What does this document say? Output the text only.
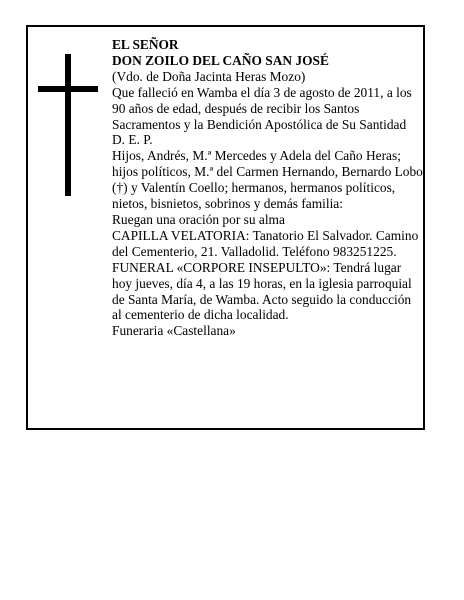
EL SEÑOR

DON ZOILO DEL CAÑO SAN JOSÉ

(Vdo. de Doña Jacinta Heras Mozo)

Que falleció en Wamba el día 3 de agosto de 2011, a los 90 años de edad, después de recibir los Santos Sacramentos y la Bendición Apostólica de Su Santidad

D. E. P.

Hijos, Andrés, M.ª Mercedes y Adela del Caño Heras; hijos políticos, M.ª del Carmen Hernando, Bernardo Lobo (†) y Valentín Coello; hermanos, hermanos políticos, nietos, bisnietos, sobrinos y demás familia:

Ruegan una oración por su alma

CAPILLA VELATORIA: Tanatorio El Salvador. Camino del Cementerio, 21. Valladolid. Teléfono 983251225.

FUNERAL «CORPORE INSEPULTO»: Tendrá lugar hoy jueves, día 4, a las 19 horas, en la iglesia parroquial de Santa María, de Wamba. Acto seguido la conducción al cementerio de dicha localidad.

Funeraria «Castellana»
